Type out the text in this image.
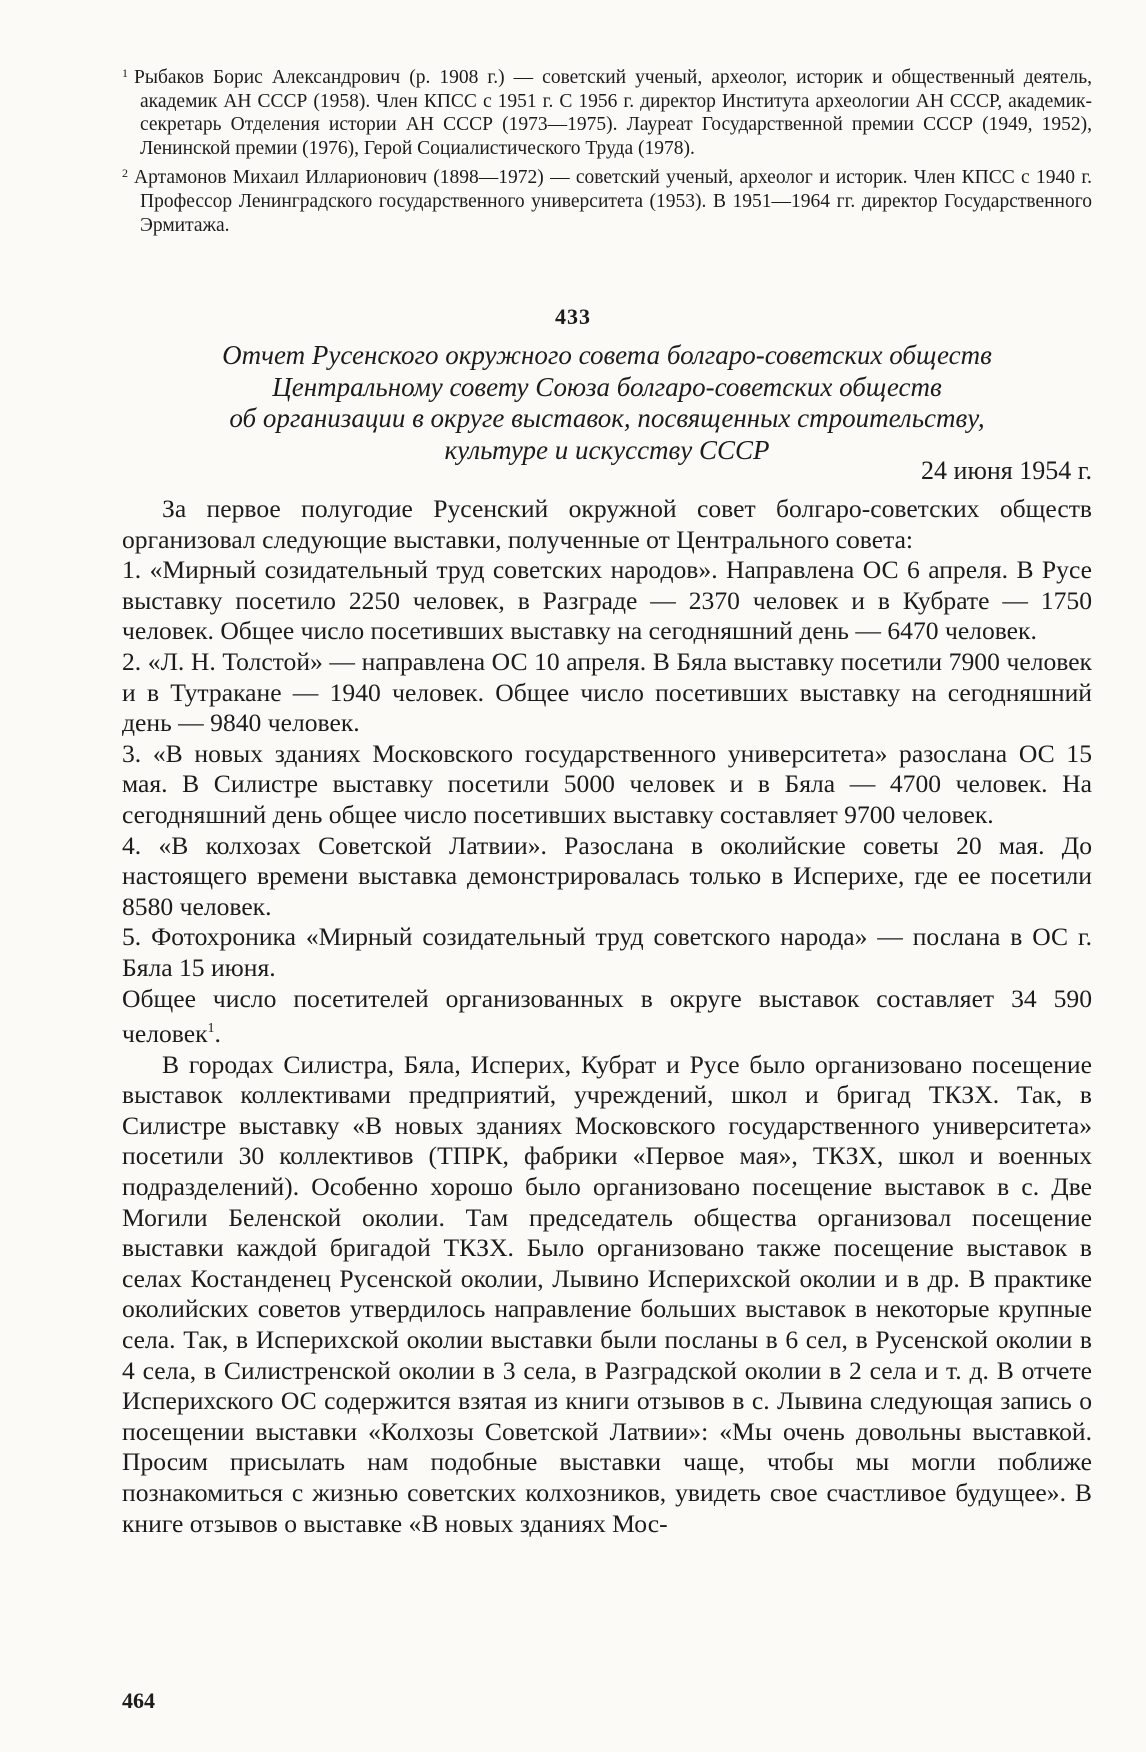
$^1$ Рыбаков Борис Александрович (р. 1908 г.) — советский ученый, археолог, историк и общественный деятель, академик АН СССР (1958). Член КПСС с 1951 г. С 1956 г. директор Института археологии АН СССР, академик-секретарь Отделения истории АН СССР (1973—1975). Лауреат Государственной премии СССР (1949, 1952), Ленинской премии (1976), Герой Социалистического Труда (1978).

$^2$ Артамонов Михаил Илларионович (1898—1972) — советский ученый, археолог и историк. Член КПСС с 1940 г. Профессор Ленинградского государственного университета (1953). В 1951—1964 гг. директор Государственного Эрмитажа.

433
Отчет Русенского окружного совета болгаро-советских обществ
Центральному совету Союза болгаро-советских обществ
об организации в округе выставок, посвященных строительству,
культуре и искусству СССР
24 июня 1954 г.

За первое полугодие Русенский окружной совет болгаро-советских обществ организовал следующие выставки, полученные от Центрального совета:

1. «Мирный созидательный труд советских народов». Направлена ОС 6 апреля. В Русе выставку посетило 2250 человек, в Разграде — 2370 человек и в Кубрате — 1750 человек. Общее число посетивших выставку на сегодняшний день — 6470 человек.

2. «Л. Н. Толстой» — направлена ОС 10 апреля. В Бяла выставку посетили 7900 человек и в Тутракане — 1940 человек. Общее число посетивших выставку на сегодняшний день — 9840 человек.

3. «В новых зданиях Московского государственного университета» разослана ОС 15 мая. В Силистре выставку посетили 5000 человек и в Бяла — 4700 человек. На сегодняшний день общее число посетивших выставку составляет 9700 человек.

4. «В колхозах Советской Латвии». Разослана в околийские советы 20 мая. До настоящего времени выставка демонстрировалась только в Исперихе, где ее посетили 8580 человек.

5. Фотохроника «Мирный созидательный труд советского народа» — послана в ОС г. Бяла 15 июня.

Общее число посетителей организованных в округе выставок составляет 34 590 человек$^1$.

В городах Силистра, Бяла, Исперих, Кубрат и Русе было организовано посещение выставок коллективами предприятий, учреждений, школ и бригад ТКЗХ. Так, в Силистре выставку «В новых зданиях Московского государственного университета» посетили 30 коллективов (ТПРК, фабрики «Первое мая», ТКЗХ, школ и военных подразделений). Особенно хорошо было организовано посещение выставок в с. Две Могили Беленской околии. Там председатель общества организовал посещение выставки каждой бригадой ТКЗХ. Было организовано также посещение выставок в селах Костанденец Русенской околии, Лывино Испериxской околии и в др. В практике околийских советов утвердилось направление больших выставок в некоторые крупные села. Так, в Испериxской околии выставки были посланы в 6 сел, в Русенской околии в 4 села, в Силистренской околии в 3 села, в Разградской околии в 2 села и т. д. В отчете Исперихского ОС содержится взятая из книги отзывов в с. Лывина следующая запись о посещении выставки «Колхозы Советской Латвии»: «Мы очень довольны выставкой. Просим присылать нам подобные выставки чаще, чтобы мы могли поближе познакомиться с жизнью советских колхозников, увидеть свое счастливое будущее». В книге отзывов о выставке «В новых зданиях Мос-

464
